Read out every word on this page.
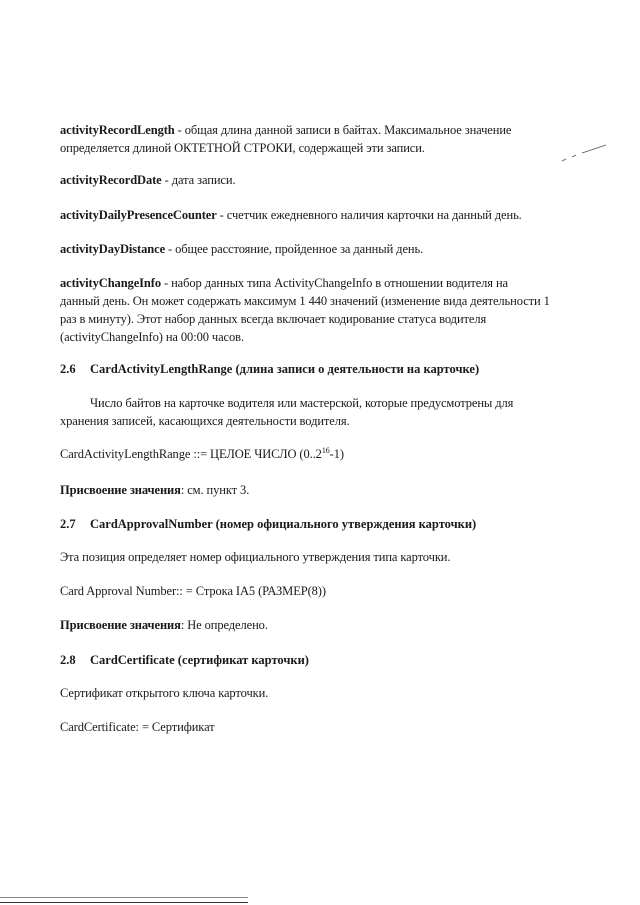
activityRecordLength - общая длина данной записи в байтах. Максимальное значение определяется длиной ОКТЕТНОЙ СТРОКИ, содержащей эти записи.

activityRecordDate - дата записи.

activityDailyPresenceCounter - счетчик ежедневного наличия карточки на данный день.

activityDayDistance - общее расстояние, пройденное за данный день.

activityChangeInfo - набор данных типа ActivityChangeInfo в отношении водителя на данный день. Он может содержать максимум 1 440 значений (изменение вида деятельности 1 раз в минуту). Этот набор данных всегда включает кодирование статуса водителя (activityChangeInfo) на 00:00 часов.

2.6 CardActivityLengthRange (длина записи о деятельности на карточке)

Число байтов на карточке водителя или мастерской, которые предусмотрены для хранения записей, касающихся деятельности водителя.

CardActivityLengthRange ::= ЦЕЛОЕ ЧИСЛО (0..2$^{16}$-1)

Присвоение значения: см. пункт 3.

2.7 CardApprovalNumber (номер официального утверждения карточки)

Эта позиция определяет номер официального утверждения типа карточки.

Card Approval Number:: = Строка IA5 (РАЗМЕР(8))

Присвоение значения: Не определено.

2.8 CardCertificate (сертификат карточки)

Сертификат открытого ключа карточки.

CardCertificate: = Сертификат
